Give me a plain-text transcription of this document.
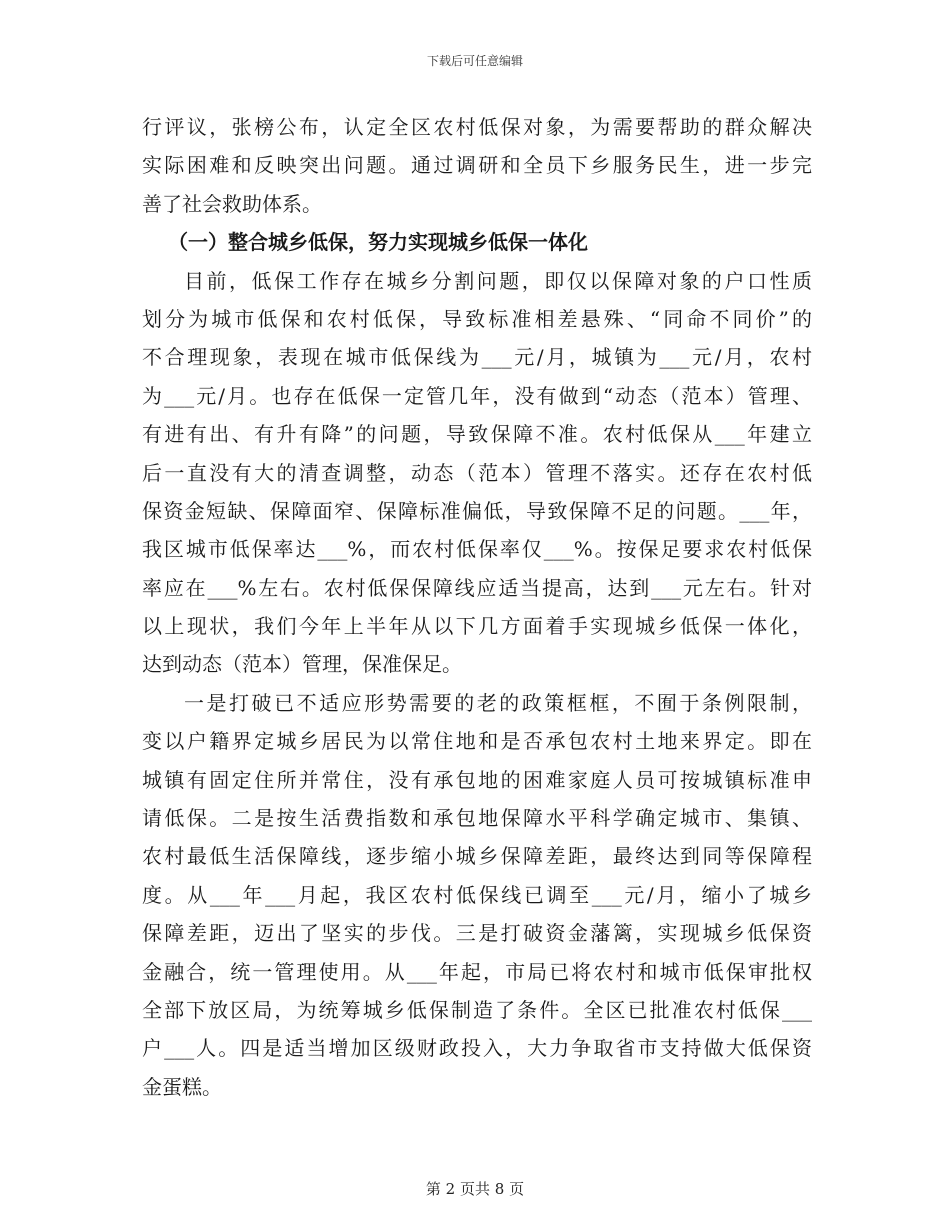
下载后可任意编辑
行评议，张榜公布，认定全区农村低保对象，为需要帮助的群众解决
实际困难和反映突出问题。通过调研和全员下乡服务民生，进一步完
善了社会救助体系。
（一）整合城乡低保，努力实现城乡低保一体化
目前，低保工作存在城乡分割问题，即仅以保障对象的户口性质
划分为城市低保和农村低保，导致标准相差悬殊、“同命不同价”的
不合理现象，表现在城市低保线为___元/月，城镇为___元/月，农村
为___元/月。也存在低保一定管几年，没有做到“动态（范本）管理、
有进有出、有升有降”的问题，导致保障不准。农村低保从___年建立
后一直没有大的清查调整，动态（范本）管理不落实。还存在农村低
保资金短缺、保障面窄、保障标准偏低，导致保障不足的问题。___年，
我区城市低保率达___%，而农村低保率仅___%。按保足要求农村低保
率应在___%左右。农村低保保障线应适当提高，达到___元左右。针对
以上现状，我们今年上半年从以下几方面着手实现城乡低保一体化，
达到动态（范本）管理，保准保足。
一是打破已不适应形势需要的老的政策框框，不囿于条例限制，
变以户籍界定城乡居民为以常住地和是否承包农村土地来界定。即在
城镇有固定住所并常住，没有承包地的困难家庭人员可按城镇标准申
请低保。二是按生活费指数和承包地保障水平科学确定城市、集镇、
农村最低生活保障线，逐步缩小城乡保障差距，最终达到同等保障程
度。从___年___月起，我区农村低保线已调至___元/月，缩小了城乡
保障差距，迈出了坚实的步伐。三是打破资金藩篱，实现城乡低保资
金融合，统一管理使用。从___年起，市局已将农村和城市低保审批权
全部下放区局，为统筹城乡低保制造了条件。全区已批准农村低保___
户___人。四是适当增加区级财政投入，大力争取省市支持做大低保资
金蛋糕。
第 2 页共 8 页
